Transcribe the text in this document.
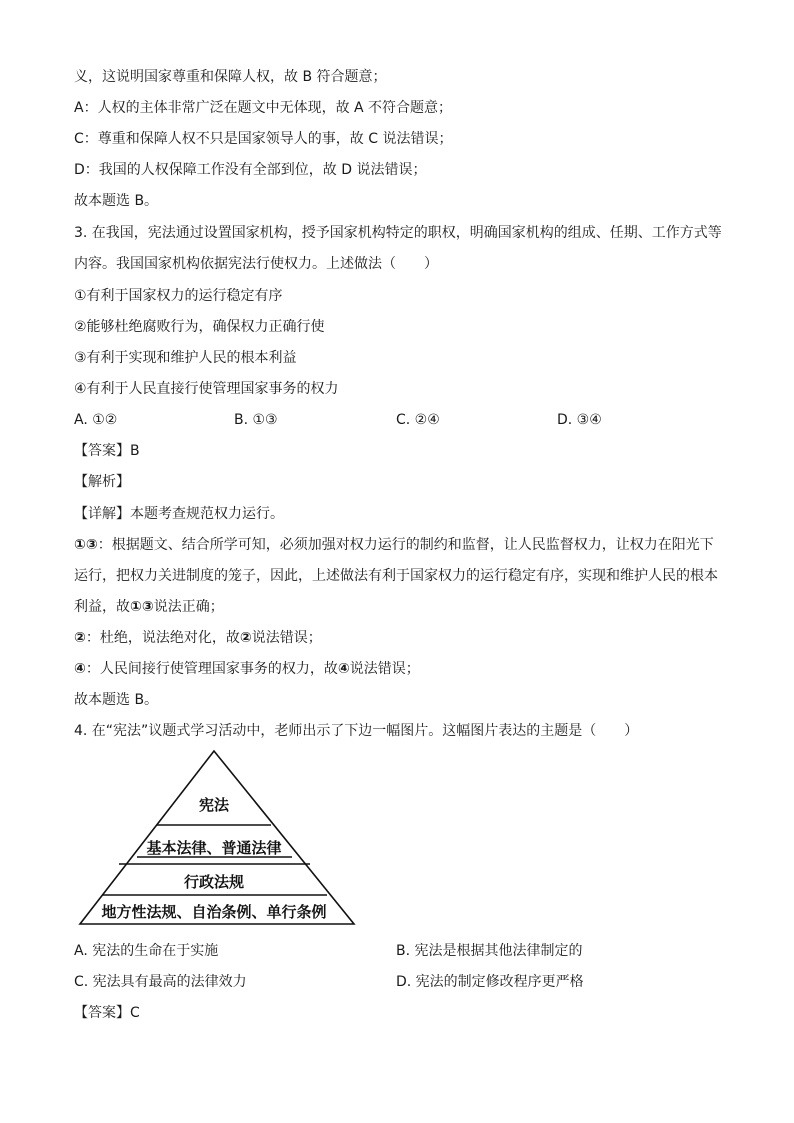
义，这说明国家尊重和保障人权，故 B 符合题意；
A：人权的主体非常广泛在题文中无体现，故 A 不符合题意；
C：尊重和保障人权不只是国家领导人的事，故 C 说法错误；
D：我国的人权保障工作没有全部到位，故 D 说法错误；
故本题选 B。
3. 在我国，宪法通过设置国家机构，授予国家机构特定的职权，明确国家机构的组成、任期、工作方式等
内容。我国国家机构依据宪法行使权力。上述做法（　　）
①有利于国家权力的运行稳定有序
②能够杜绝腐败行为，确保权力正确行使
③有利于实现和维护人民的根本利益
④有利于人民直接行使管理国家事务的权力
A. ①②	B. ①③	C. ②④	D. ③④
【答案】B
【解析】
【详解】本题考查规范权力运行。
①③：根据题文、结合所学可知，必须加强对权力运行的制约和监督，让人民监督权力，让权力在阳光下
运行，把权力关进制度的笼子，因此，上述做法有利于国家权力的运行稳定有序，实现和维护人民的根本
利益，故①③说法正确；
②：杜绝，说法绝对化，故②说法错误；
④：人民间接行使管理国家事务的权力，故④说法错误；
故本题选 B。
4. 在“宪法”议题式学习活动中，老师出示了下边一幅图片。这幅图片表达的主题是（　　）
宪法
基本法律、普通法律
行政法规
地方性法规、自治条例、单行条例
A. 宪法的生命在于实施	B. 宪法是根据其他法律制定的
C. 宪法具有最高的法律效力	D. 宪法的制定修改程序更严格
【答案】C
